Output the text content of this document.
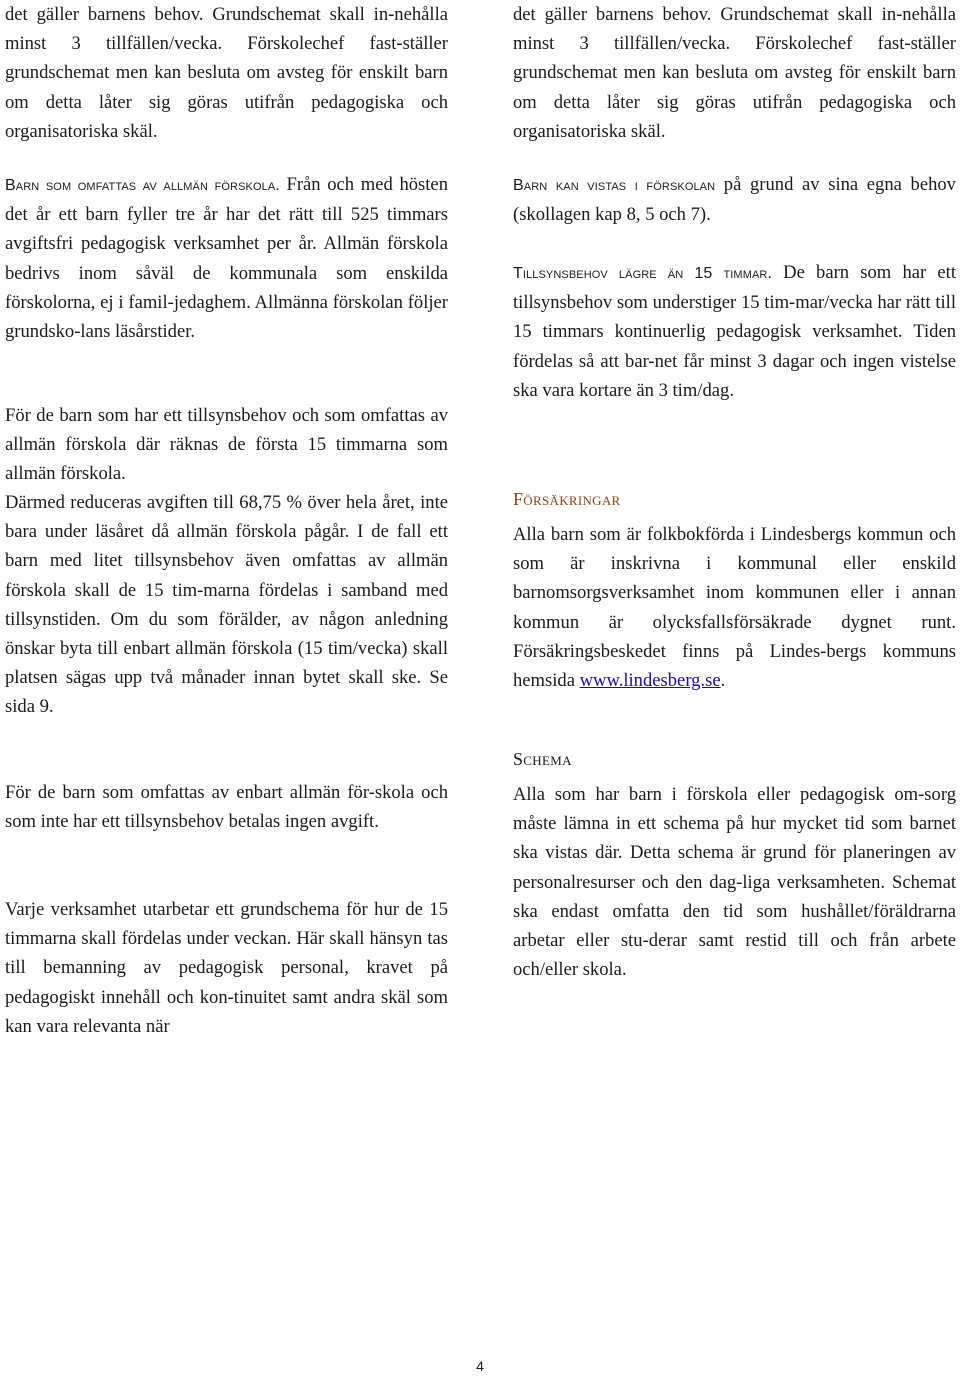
det gäller barnens behov. Grundschemat skall in-nehålla minst 3 tillfällen/vecka. Förskolechef fast-ställer grundschemat men kan besluta om avsteg för enskilt barn om detta låter sig göras utifrån pedagogiska och organisatoriska skäl.

Barn som omfattas av allmän förskola. Från och med hösten det år ett barn fyller tre år har det rätt till 525 timmars avgiftsfri pedagogisk verksamhet per år. Allmän förskola bedrivs inom såväl de kommunala som enskilda förskolorna, ej i famil-jedaghem. Allmänna förskolan följer grundsko-lans läsårstider.

För de barn som har ett tillsynsbehov och som omfattas av allmän förskola där räknas de första 15 timmarna som allmän förskola.

Därmed reduceras avgiften till 68,75 % över hela året, inte bara under läsåret då allmän förskola pågår. I de fall ett barn med litet tillsynsbehov även omfattas av allmän förskola skall de 15 tim-marna fördelas i samband med tillsynstiden. Om du som förälder, av någon anledning önskar byta till enbart allmän förskola (15 tim/vecka) skall platsen sägas upp två månader innan bytet skall ske. Se sida 9.

För de barn som omfattas av enbart allmän för-skola och som inte har ett tillsynsbehov betalas ingen avgift.

Varje verksamhet utarbetar ett grundschema för hur de 15 timmarna skall fördelas under veckan. Här skall hänsyn tas till bemanning av pedagogisk personal, kravet på pedagogiskt innehåll och kon-tinuitet samt andra skäl som kan vara relevanta när

det gäller barnens behov. Grundschemat skall in-nehålla minst 3 tillfällen/vecka. Förskolechef fast-ställer grundschemat men kan besluta om avsteg för enskilt barn om detta låter sig göras utifrån pedagogiska och organisatoriska skäl.

Barn kan vistas i förskolan på grund av sina egna behov (skollagen kap 8, 5 och 7).

Tillsynsbehov lägre än 15 timmar. De barn som har ett tillsynsbehov som understiger 15 tim-mar/vecka har rätt till 15 timmars kontinuerlig pedagogisk verksamhet. Tiden fördelas så att bar-net får minst 3 dagar och ingen vistelse ska vara kortare än 3 tim/dag.

Försäkringar

Alla barn som är folkbokförda i Lindesbergs kommun och som är inskrivna i kommunal eller enskild barnomsorgsverksamhet inom kommunen eller i annan kommun är olycksfallsförsäkrade dygnet runt. Försäkringsbeskedet finns på Lindes-bergs kommuns hemsida www.lindesberg.se.

Schema

Alla som har barn i förskola eller pedagogisk om-sorg måste lämna in ett schema på hur mycket tid som barnet ska vistas där. Detta schema är grund för planeringen av personalresurser och den dag-liga verksamheten. Schemat ska endast omfatta den tid som hushållet/föräldrarna arbetar eller stu-derar samt restid till och från arbete och/eller skola.

4
